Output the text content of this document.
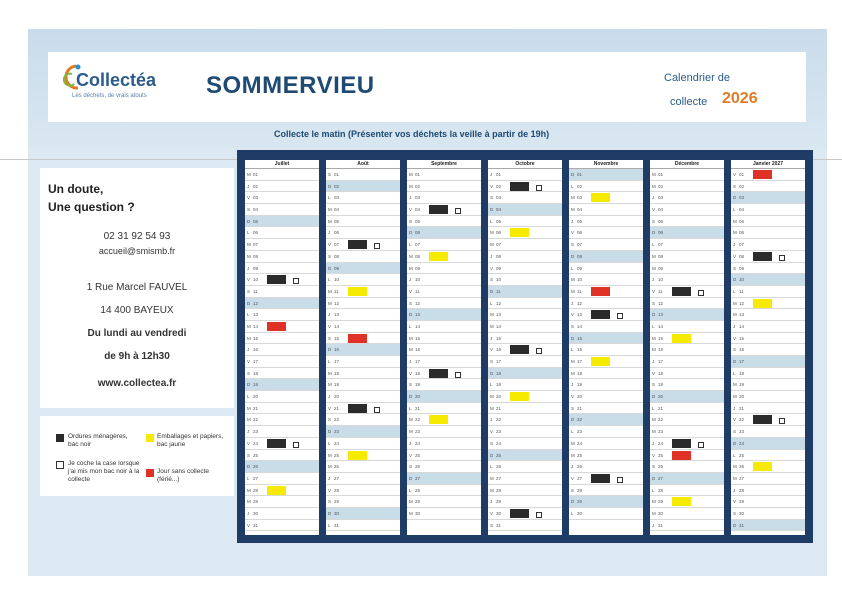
Collectéa
Les déchets, de vrais atouts SOMMERVIEU	Calendrier de
collecte 2026
Collecte le matin (Présenter vos déchets la veille à partir de 19h)
Un doute,
Une question ?
02 31 92 54 93
accueil@smismb.fr
1 Rue Marcel FAUVEL
14 400 BAYEUX
Du lundi au vendredi
de 9h à 12h30
www.collectea.fr
Ordures ménagères, bac noir
Emballages et papiers, bac jaune
Je coche la case lorsque j'ai mis mon bac noir à la collecte
Jour sans collecte (férié...)
Juillet
M 01
J 02
V 03
S 04
D 05
L 06
M 07
M 08
J 09
V 10
S 11
D 12
L 13
M 14
M 15
J 16
V 17
S 18
D 19
L 20
M 21
M 22
J 23
V 24
S 25
D 26
L 27
M 28
M 29
J 30
V 31
Août
S 01
D 02
L 03
M 04
M 05
J 06
V 07
S 08
D 09
L 10
M 11
M 12
J 13
V 14
S 15
D 16
L 17
M 18
M 19
J 20
V 21
S 22
D 23
L 24
M 25
M 26
J 27
V 28
S 29
D 30
L 31
Septembre
M 01
M 02
J 03
V 04
S 05
D 06
L 07
M 08
M 09
J 10
V 11
S 12
D 13
L 14
M 15
M 16
J 17
V 18
S 19
D 20
L 21
M 22
M 23
J 24
V 25
S 26
D 27
L 28
M 29
M 30
Octobre
J 01
V 02
S 03
D 04
L 05
M 06
M 07
J 08
V 09
S 10
D 11
L 12
M 13
M 14
J 15
V 16
S 17
D 18
L 19
M 20
M 21
J 22
V 23
S 24
D 25
L 26
M 27
M 28
J 29
V 30
S 31
Novembre
D 01
L 02
M 03
M 04
J 05
V 06
S 07
D 08
L 09
M 10
M 11
J 12
V 13
S 14
D 15
L 16
M 17
M 18
J 19
V 20
S 21
D 22
L 23
M 24
M 25
J 26
V 27
S 28
D 29
L 30
Décembre
M 01
M 02
J 03
V 04
S 05
D 06
L 07
M 08
M 09
J 10
V 11
S 12
D 13
L 14
M 15
M 16
J 17
V 18
S 19
D 20
L 21
M 22
M 23
J 24
V 25
S 26
D 27
L 28
M 29
M 30
J 31
Janvier 2027
V 01
S 02
D 03
L 04
M 05
M 06
J 07
V 08
S 09
D 10
L 11
M 12
M 13
J 14
V 15
S 16
D 17
L 18
M 19
M 20
J 21
V 22
S 23
D 24
L 25
M 26
M 27
J 28
V 29
S 30
D 31
